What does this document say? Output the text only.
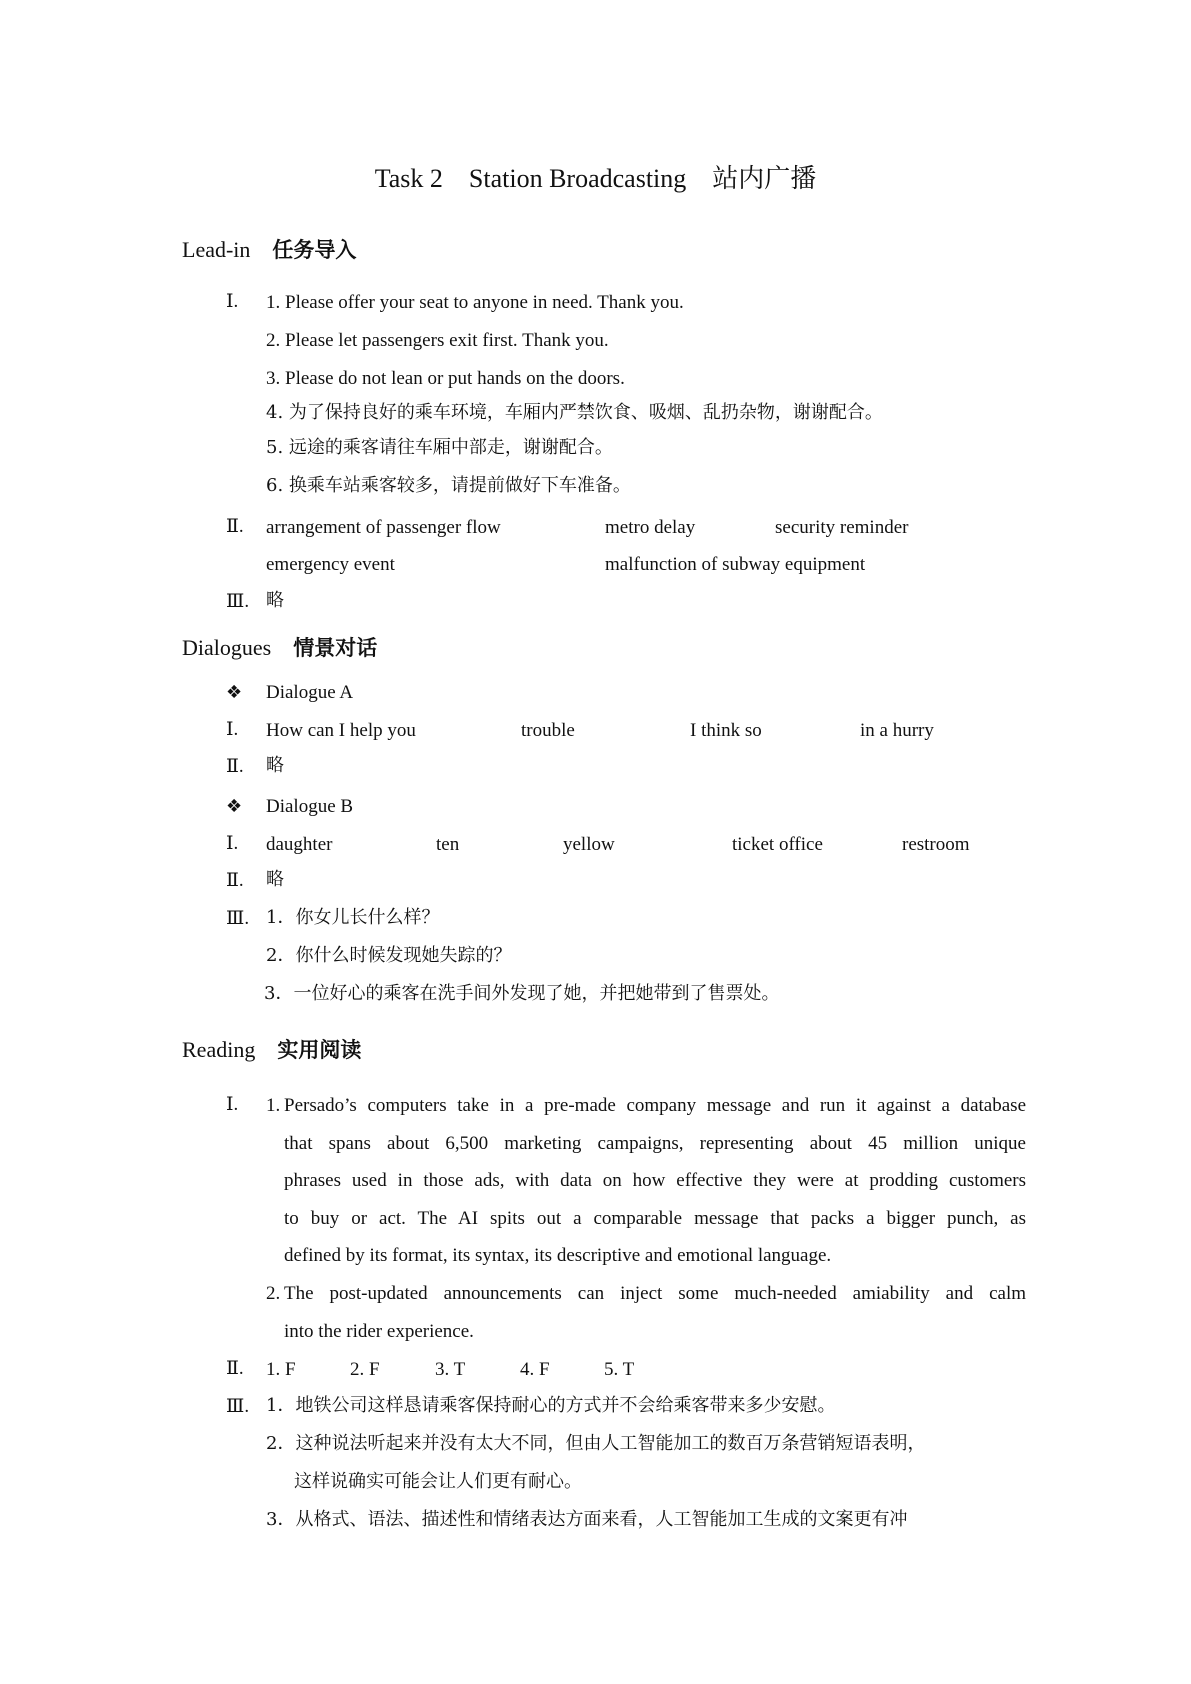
Task 2 Station Broadcasting 站内广播
Lead-in 任务导入
Ⅰ. 1. Please offer your seat to anyone in need. Thank you.
2. Please let passengers exit first. Thank you.
3. Please do not lean or put hands on the doors.
4. 为了保持良好的乘车环境，车厢内严禁饮食、吸烟、乱扔杂物，谢谢配合。
5. 远途的乘客请往车厢中部走，谢谢配合。
6. 换乘车站乘客较多，请提前做好下车准备。
Ⅱ. arrangement of passenger flow	metro delay	security reminder
emergency event	malfunction of subway equipment
Ⅲ. 略
Dialogues 情景对话
❖ Dialogue A
Ⅰ. How can I help you	trouble	I think so	in a hurry
Ⅱ. 略
❖ Dialogue B
Ⅰ. daughter	ten	yellow	ticket office	restroom
Ⅱ. 略
Ⅲ. 1．你女儿长什么样？
2．你什么时候发现她失踪的？
3．一位好心的乘客在洗手间外发现了她，并把她带到了售票处。
Reading 实用阅读
Ⅰ. 1. Persado’s computers take in a pre-made company message and run it against a database
that spans about 6,500 marketing campaigns, representing about 45 million unique
phrases used in those ads, with data on how effective they were at prodding customers
to buy or act. The AI spits out a comparable message that packs a bigger punch, as
defined by its format, its syntax, its descriptive and emotional language.
2. The post-updated announcements can inject some much-needed amiability and calm
into the rider experience.
Ⅱ. 1. F	2. F	3. T	4. F	5. T
Ⅲ. 1．地铁公司这样恳请乘客保持耐心的方式并不会给乘客带来多少安慰。
2．这种说法听起来并没有太大不同，但由人工智能加工的数百万条营销短语表明，
这样说确实可能会让人们更有耐心。
3．从格式、语法、描述性和情绪表达方面来看，人工智能加工生成的文案更有冲
